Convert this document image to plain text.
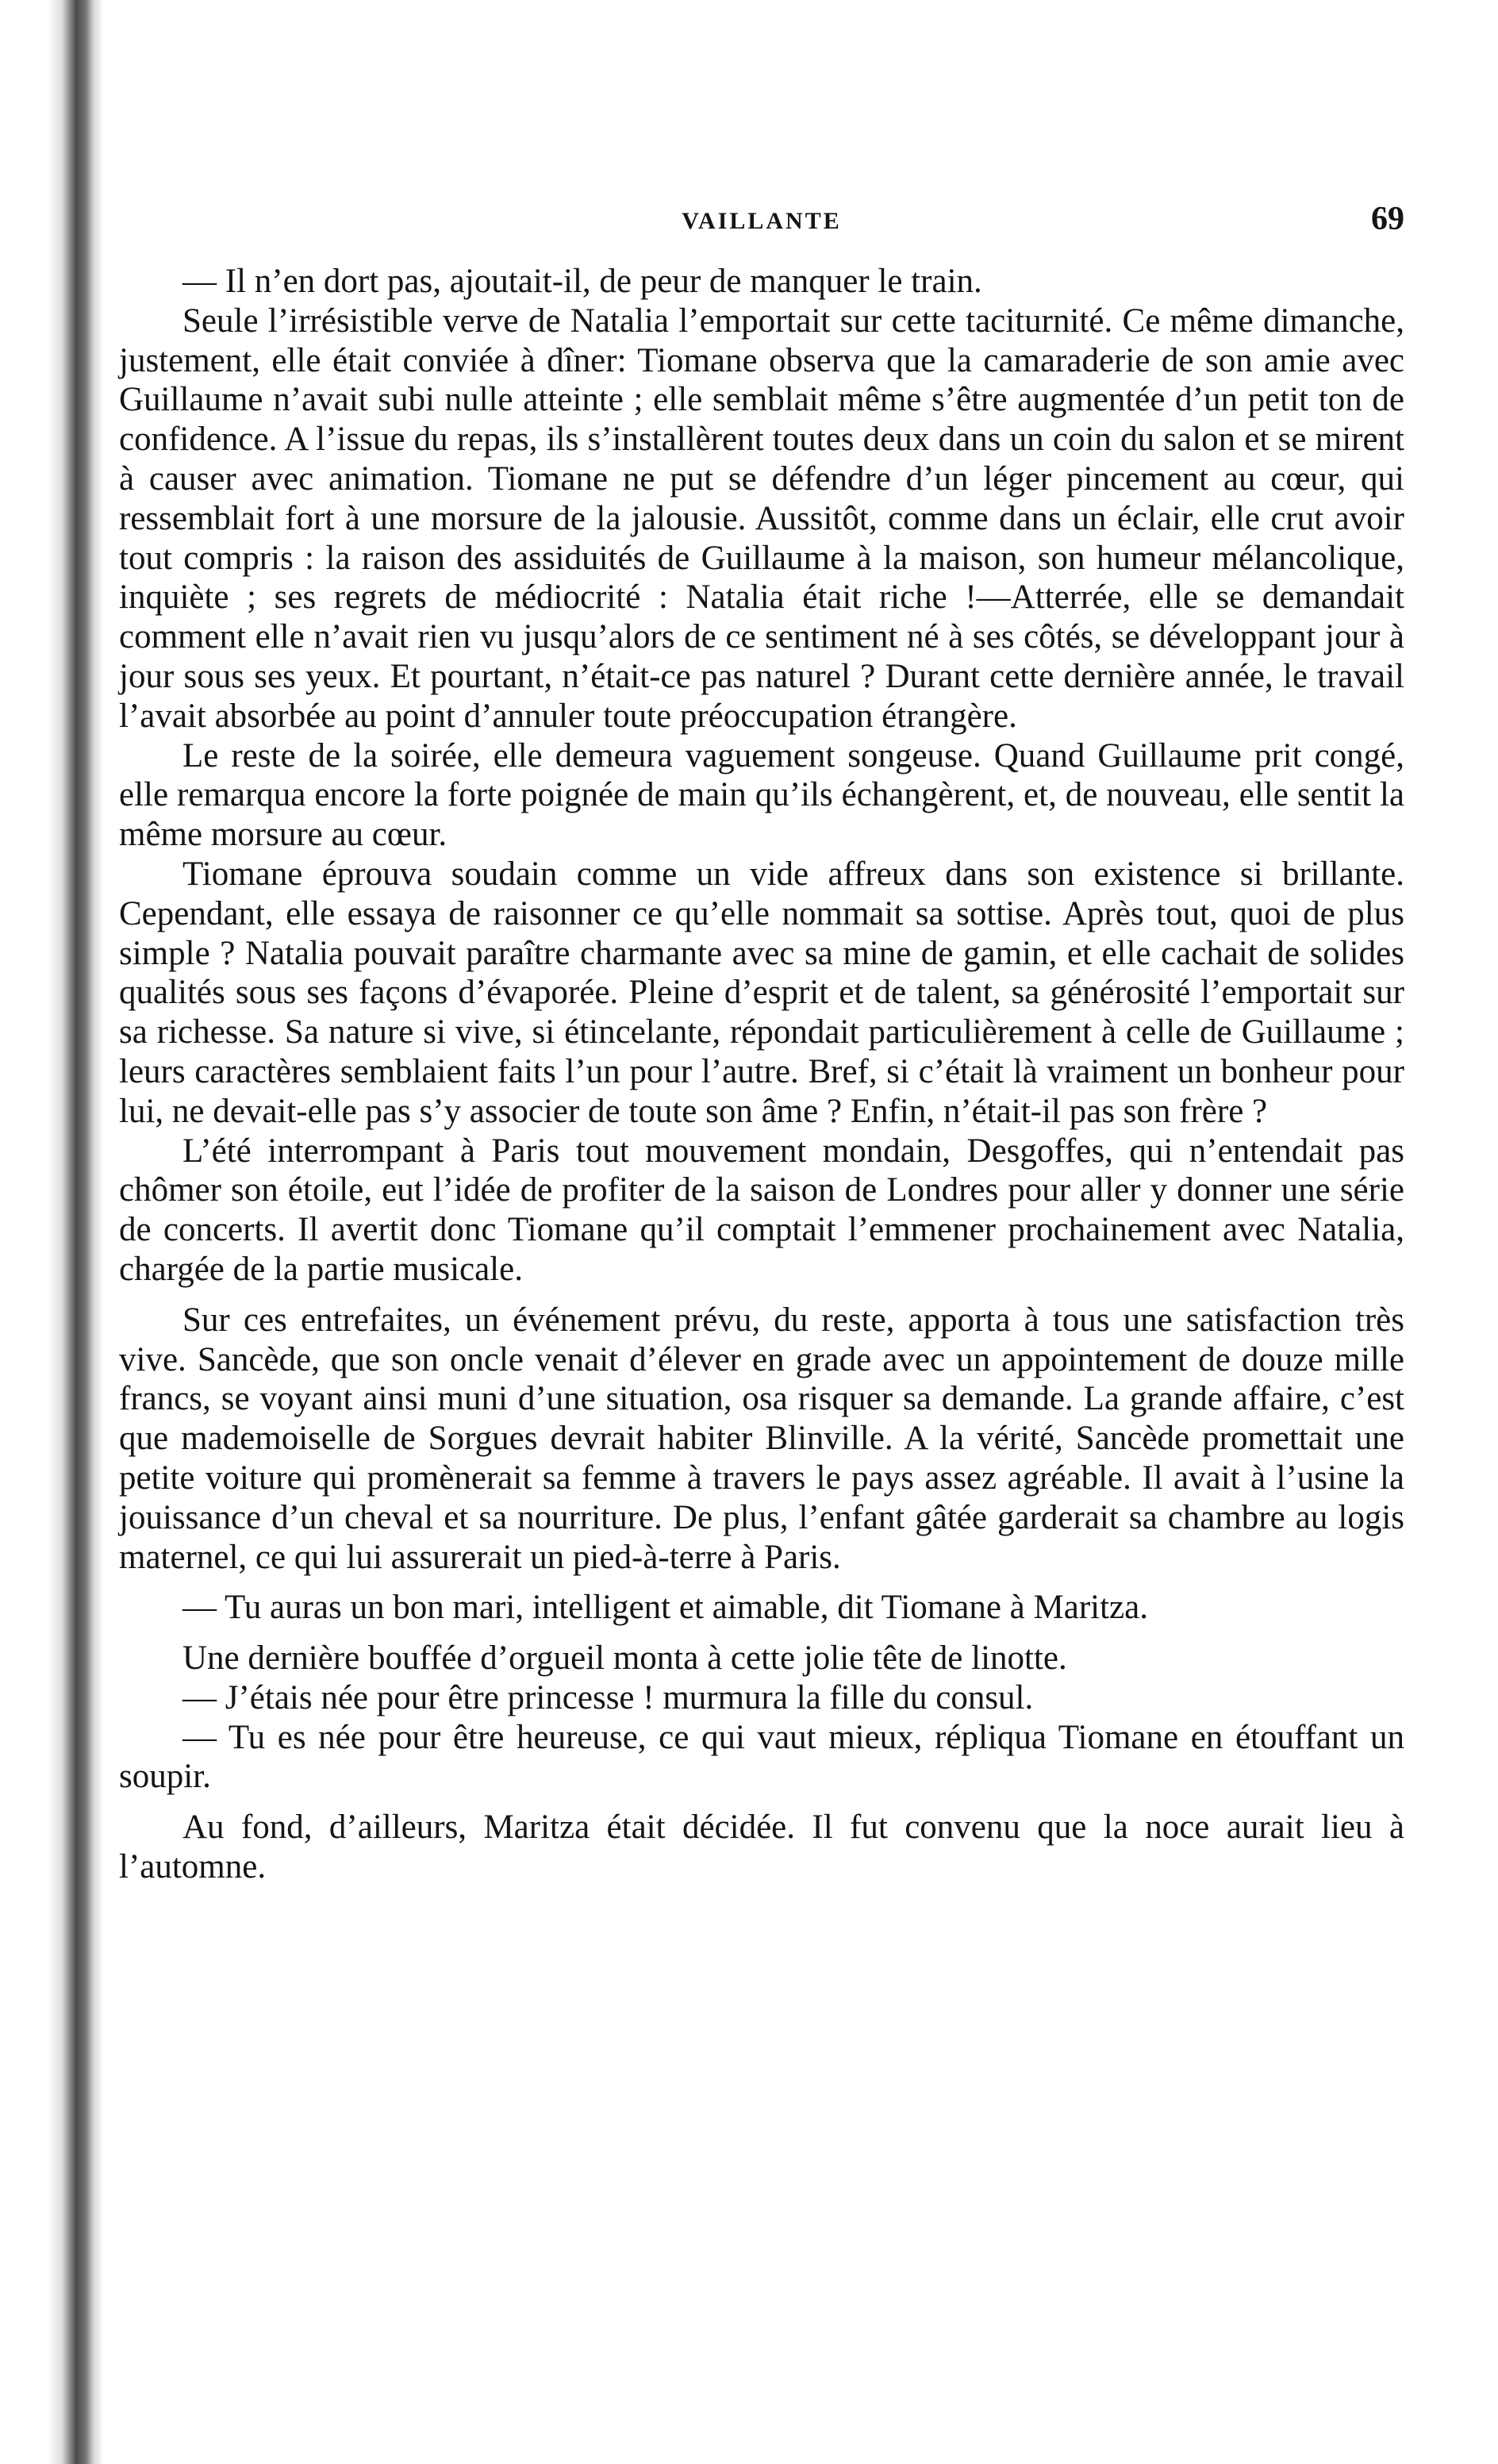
VAILLANTE	69

— Il n’en dort pas, ajoutait-il, de peur de manquer le train.

Seule l’irrésistible verve de Natalia l’emportait sur cette taciturnité. Ce même dimanche, justement, elle était conviée à dîner: Tiomane observa que la camaraderie de son amie avec Guillaume n’avait subi nulle atteinte ; elle semblait même s’être augmentée d’un petit ton de confidence. A l’issue du repas, ils s’installèrent toutes deux dans un coin du salon et se mirent à causer avec animation. Tiomane ne put se défendre d’un léger pincement au cœur, qui ressemblait fort à une morsure de la jalousie. Aussitôt, comme dans un éclair, elle crut avoir tout compris : la raison des assiduités de Guillaume à la maison, son humeur mélancolique, inquiète ; ses regrets de médiocrité : Natalia était riche !—Atterrée, elle se demandait comment elle n’avait rien vu jusqu’alors de ce sentiment né à ses côtés, se développant jour à jour sous ses yeux. Et pourtant, n’était-ce pas naturel ? Durant cette dernière année, le travail l’avait absorbée au point d’annuler toute préoccupation étrangère.

Le reste de la soirée, elle demeura vaguement songeuse. Quand Guillaume prit congé, elle remarqua encore la forte poignée de main qu’ils échangèrent, et, de nouveau, elle sentit la même morsure au cœur.

Tiomane éprouva soudain comme un vide affreux dans son existence si brillante. Cependant, elle essaya de raisonner ce qu’elle nommait sa sottise. Après tout, quoi de plus simple ? Natalia pouvait paraître charmante avec sa mine de gamin, et elle cachait de solides qualités sous ses façons d’évaporée. Pleine d’esprit et de talent, sa générosité l’emportait sur sa richesse. Sa nature si vive, si étincelante, répondait particulièrement à celle de Guillaume ; leurs caractères semblaient faits l’un pour l’autre. Bref, si c’était là vraiment un bonheur pour lui, ne devait-elle pas s’y associer de toute son âme ? Enfin, n’était-il pas son frère ?

L’été interrompant à Paris tout mouvement mondain, Desgoffes, qui n’entendait pas chômer son étoile, eut l’idée de profiter de la saison de Londres pour aller y donner une série de concerts. Il avertit donc Tiomane qu’il comptait l’emmener prochainement avec Natalia, chargée de la partie musicale.

Sur ces entrefaites, un événement prévu, du reste, apporta à tous une satisfaction très vive. Sancède, que son oncle venait d’élever en grade avec un appointement de douze mille francs, se voyant ainsi muni d’une situation, osa risquer sa demande. La grande affaire, c’est que mademoiselle de Sorgues devrait habiter Blinville. A la vérité, Sancède promettait une petite voiture qui promènerait sa femme à travers le pays assez agréable. Il avait à l’usine la jouissance d’un cheval et sa nourriture. De plus, l’enfant gâtée garderait sa chambre au logis maternel, ce qui lui assurerait un pied-à-terre à Paris.

— Tu auras un bon mari, intelligent et aimable, dit Tiomane à Maritza.

Une dernière bouffée d’orgueil monta à cette jolie tête de linotte.

— J’étais née pour être princesse ! murmura la fille du consul.

— Tu es née pour être heureuse, ce qui vaut mieux, répliqua Tiomane en étouffant un soupir.

Au fond, d’ailleurs, Maritza était décidée. Il fut convenu que la noce aurait lieu à l’automne.
